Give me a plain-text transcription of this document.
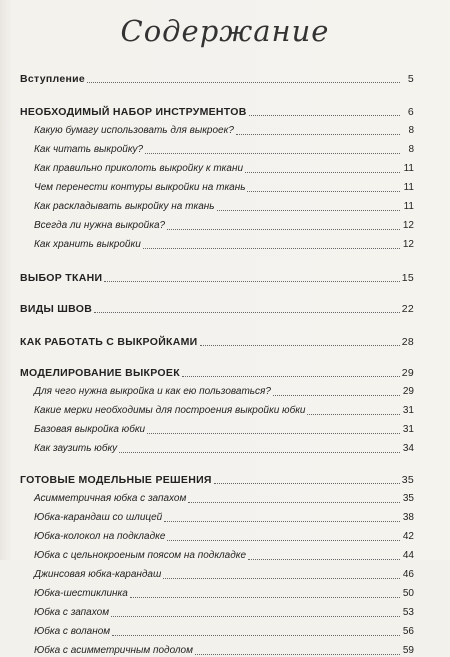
Содержание
Вступление	5
НЕОБХОДИМЫЙ НАБОР ИНСТРУМЕНТОВ	6
Какую бумагу использовать для выкроек?	8
Как читать выкройку?	8
Как правильно приколоть выкройку к ткани	11
Чем перенести контуры выкройки на ткань	11
Как раскладывать выкройку на ткань	11
Всегда ли нужна выкройка?	12
Как хранить выкройки	12
ВЫБОР ТКАНИ	15
ВИДЫ ШВОВ	22
КАК РАБОТАТЬ С ВЫКРОЙКАМИ	28
МОДЕЛИРОВАНИЕ ВЫКРОЕК	29
Для чего нужна выкройка и как ею пользоваться?	29
Какие мерки необходимы для построения выкройки юбки	31
Базовая выкройка юбки	31
Как заузить юбку	34
ГОТОВЫЕ МОДЕЛЬНЫЕ РЕШЕНИЯ	35
Асимметричная юбка с запахом	35
Юбка-карандаш со шлицей	38
Юбка-колокол на подкладке	42
Юбка с цельнокроеным поясом на подкладке	44
Джинсовая юбка-карандаш	46
Юбка-шестиклинка	50
Юбка с запахом	53
Юбка с воланом	56
Юбка с асимметричным подолом	59
